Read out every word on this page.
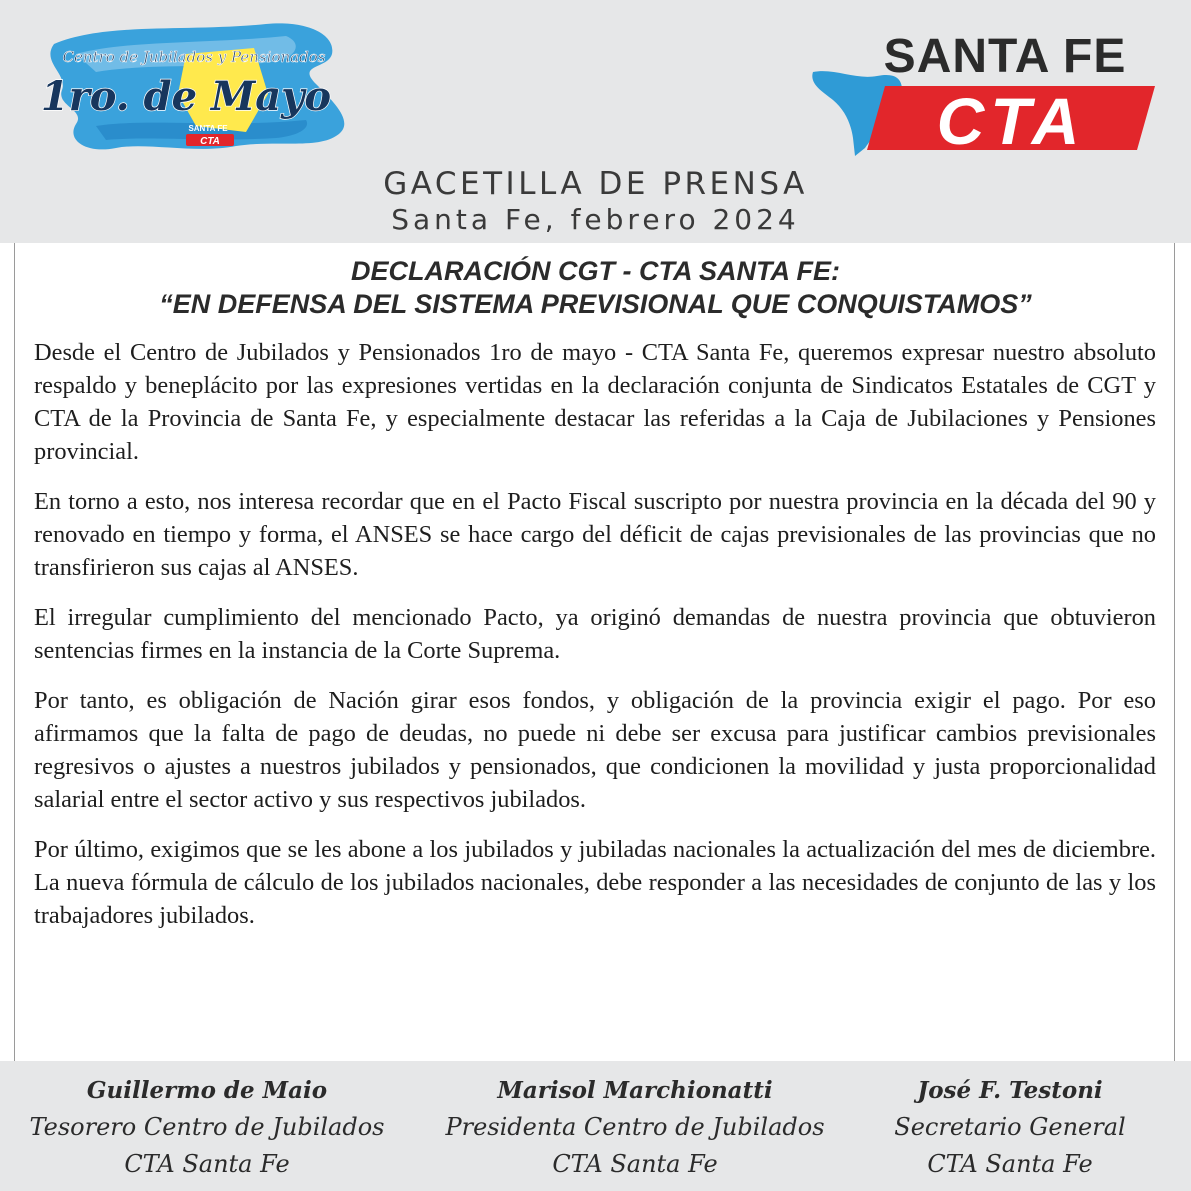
Centro de Jubilados y Pensionados
1ro. de Mayo
SANTA FE
CTA
SANTA FE
CTA
GACETILLA DE PRENSA
Santa Fe, febrero 2024
DECLARACIÓN CGT - CTA SANTA FE:
“EN DEFENSA DEL SISTEMA PREVISIONAL QUE CONQUISTAMOS”

Desde el Centro de Jubilados y Pensionados 1ro de mayo - CTA Santa Fe, queremos expresar nuestro absoluto respaldo y beneplácito por las expresiones vertidas en la declaración conjunta de Sindicatos Estatales de CGT y CTA de la Provincia de Santa Fe, y especialmente destacar las referidas a la Caja de Jubilaciones y Pensiones provincial.

En torno a esto, nos interesa recordar que en el Pacto Fiscal suscripto por nuestra provincia en la década del 90 y renovado en tiempo y forma, el ANSES se hace cargo del déficit de cajas previsionales de las provincias que no transfirieron sus cajas al ANSES.

El irregular cumplimiento del mencionado Pacto, ya originó demandas de nuestra provincia que obtuvieron sentencias firmes en la instancia de la Corte Suprema.

Por tanto, es obligación de Nación girar esos fondos, y obligación de la provincia exigir el pago. Por eso afirmamos que la falta de pago de deudas, no puede ni debe ser excusa para justificar cambios previsionales regresivos o ajustes a nuestros jubilados y pensionados, que condicionen la movilidad y justa proporcionalidad salarial entre el sector activo y sus respectivos jubilados.

Por último, exigimos que se les abone a los jubilados y jubiladas nacionales la actualización del mes de diciembre. La nueva fórmula de cálculo de los jubilados nacionales, debe responder a las necesidades de conjunto de las y los trabajadores jubilados.

Guillermo de Maio
Tesorero Centro de Jubilados
CTA Santa Fe
Marisol Marchionatti
Presidenta Centro de Jubilados
CTA Santa Fe
José F. Testoni
Secretario General
CTA Santa Fe
